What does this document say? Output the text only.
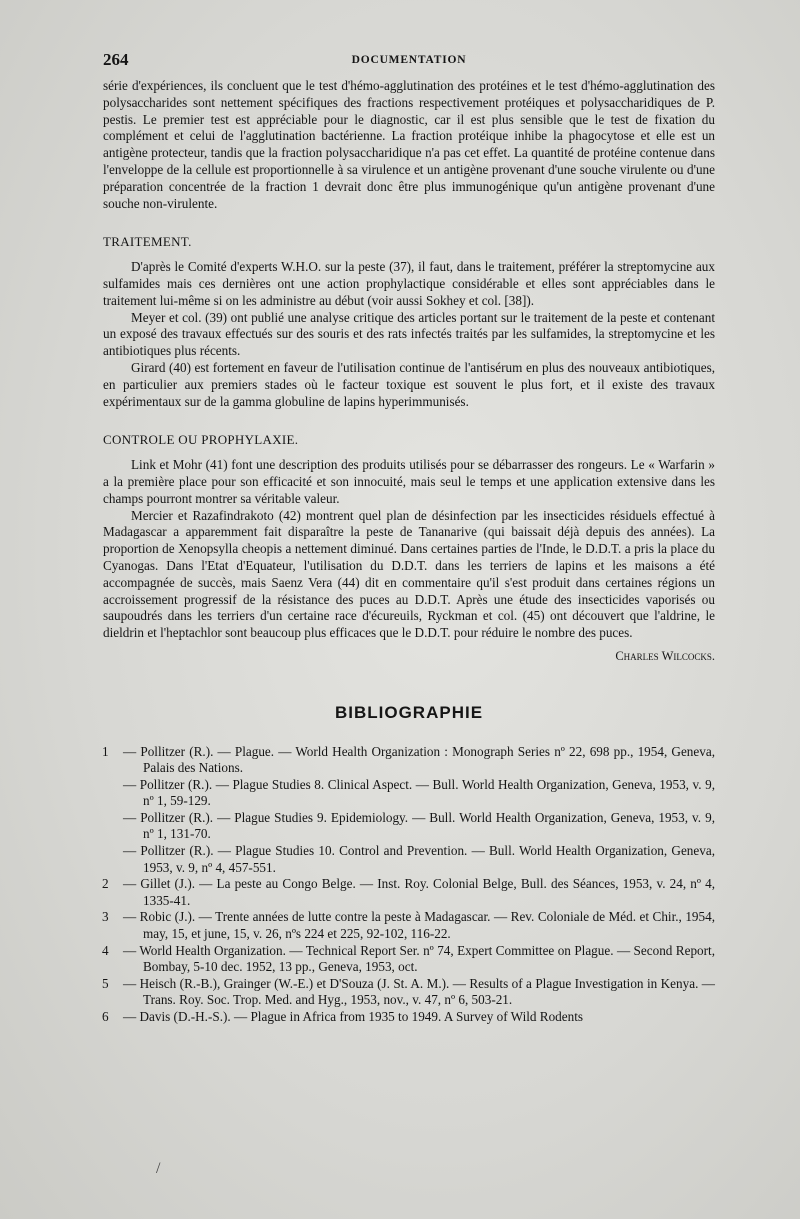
264	DOCUMENTATION

série d'expériences, ils concluent que le test d'hémo-agglutination des protéines et le test d'hémo-agglutination des polysaccharides sont nettement spécifiques des fractions respectivement protéiques et polysaccharidiques de P. pestis. Le premier test est appréciable pour le diagnostic, car il est plus sensible que le test de fixation du complément et celui de l'agglutination bactérienne. La fraction protéique inhibe la phagocytose et elle est un antigène protecteur, tandis que la fraction polysaccharidique n'a pas cet effet. La quantité de protéine contenue dans l'enveloppe de la cellule est proportionnelle à sa virulence et un antigène provenant d'une souche virulente ou d'une préparation concentrée de la fraction 1 devrait donc être plus immunogénique qu'un antigène provenant d'une souche non-virulente.

TRAITEMENT.

D'après le Comité d'experts W.H.O. sur la peste (37), il faut, dans le traitement, préférer la streptomycine aux sulfamides mais ces dernières ont une action prophylactique considérable et elles sont appréciables dans le traitement lui-même si on les administre au début (voir aussi Sokhey et col. [38]).

Meyer et col. (39) ont publié une analyse critique des articles portant sur le traitement de la peste et contenant un exposé des travaux effectués sur des souris et des rats infectés traités par les sulfamides, la streptomycine et les antibiotiques plus récents.

Girard (40) est fortement en faveur de l'utilisation continue de l'antisérum en plus des nouveaux antibiotiques, en particulier aux premiers stades où le facteur toxique est souvent le plus fort, et il existe des travaux expérimentaux sur de la gamma globuline de lapins hyperimmunisés.

CONTROLE OU PROPHYLAXIE.

Link et Mohr (41) font une description des produits utilisés pour se débarrasser des rongeurs. Le « Warfarin » a la première place pour son efficacité et son innocuité, mais seul le temps et une application extensive dans les champs pourront montrer sa véritable valeur.

Mercier et Razafindrakoto (42) montrent quel plan de désinfection par les insecticides résiduels effectué à Madagascar a apparemment fait disparaître la peste de Tananarive (qui baissait déjà depuis des années). La proportion de Xenopsylla cheopis a nettement diminué. Dans certaines parties de l'Inde, le D.D.T. a pris la place du Cyanogas. Dans l'Etat d'Equateur, l'utilisation du D.D.T. dans les terriers de lapins et les maisons a été accompagnée de succès, mais Saenz Vera (44) dit en commentaire qu'il s'est produit dans certaines régions un accroissement progressif de la résistance des puces au D.D.T. Après une étude des insecticides vaporisés ou saupoudrés dans les terriers d'un certaine race d'écureuils, Ryckman et col. (45) ont découvert que l'aldrine, le dieldrin et l'heptachlor sont beaucoup plus efficaces que le D.D.T. pour réduire le nombre des puces.

Charles Wilcocks.

BIBLIOGRAPHIE

1 — Pollitzer (R.). — Plague. — World Health Organization : Monograph Series nº 22, 698 pp., 1954, Geneva, Palais des Nations.

— Pollitzer (R.). — Plague Studies 8. Clinical Aspect. — Bull. World Health Organization, Geneva, 1953, v. 9, nº 1, 59-129.

— Pollitzer (R.). — Plague Studies 9. Epidemiology. — Bull. World Health Organization, Geneva, 1953, v. 9, nº 1, 131-70.

— Pollitzer (R.). — Plague Studies 10. Control and Prevention. — Bull. World Health Organization, Geneva, 1953, v. 9, nº 4, 457-551.

2 — Gillet (J.). — La peste au Congo Belge. — Inst. Roy. Colonial Belge, Bull. des Séances, 1953, v. 24, nº 4, 1335-41.

3 — Robic (J.). — Trente années de lutte contre la peste à Madagascar. — Rev. Coloniale de Méd. et Chir., 1954, may, 15, et june, 15, v. 26, nºs 224 et 225, 92-102, 116-22.

4 — World Health Organization. — Technical Report Ser. nº 74, Expert Committee on Plague. — Second Report, Bombay, 5-10 dec. 1952, 13 pp., Geneva, 1953, oct.

5 — Heisch (R.-B.), Grainger (W.-E.) et D'Souza (J. St. A. M.). — Results of a Plague Investigation in Kenya. — Trans. Roy. Soc. Trop. Med. and Hyg., 1953, nov., v. 47, nº 6, 503-21.

6 — Davis (D.-H.-S.). — Plague in Africa from 1935 to 1949. A Survey of Wild Rodents

/
